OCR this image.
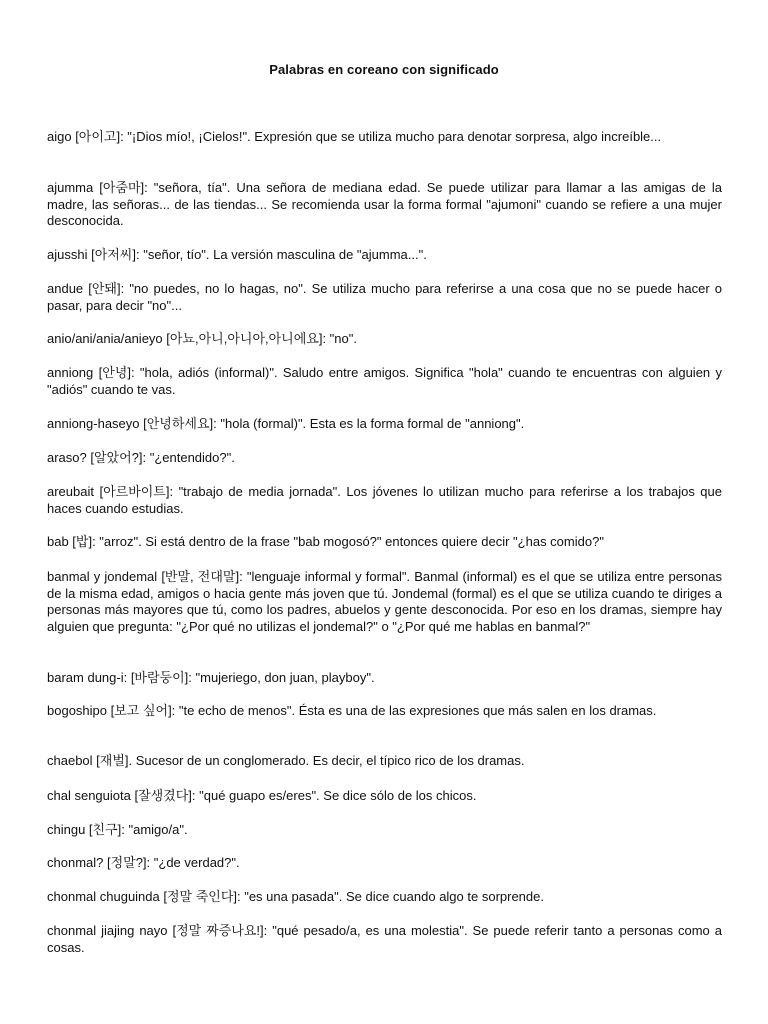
Palabras en coreano con significado

aigo [아이고]: "¡Dios mío!, ¡Cielos!". Expresión que se utiliza mucho para denotar sorpresa, algo increíble...

ajumma [아줌마]: "señora, tía". Una señora de mediana edad. Se puede utilizar para llamar a las amigas de la madre, las señoras... de las tiendas... Se recomienda usar la forma formal "ajumoni" cuando se refiere a una mujer desconocida.

ajusshi [아저씨]: "señor, tío". La versión masculina de "ajumma...".

andue [안돼]: "no puedes, no lo hagas, no". Se utiliza mucho para referirse a una cosa que no se puede hacer o pasar, para decir "no"...

anio/ani/ania/anieyo [아뇨,아니,아니아,아니에요]: "no".

anniong [안녕]: "hola, adiós (informal)". Saludo entre amigos. Significa "hola" cuando te encuentras con alguien y "adiós" cuando te vas.

anniong-haseyo [안녕하세요]: "hola (formal)". Esta es la forma formal de "anniong".

araso? [알았어?]: "¿entendido?".

areubait [아르바이트]: "trabajo de media jornada". Los jóvenes lo utilizan mucho para referirse a los trabajos que haces cuando estudias.

bab [밥]: "arroz". Si está dentro de la frase "bab mogosó?" entonces quiere decir "¿has comido?"

banmal y jondemal [반말, 전대말]: "lenguaje informal y formal". Banmal (informal) es el que se utiliza entre personas de la misma edad, amigos o hacia gente más joven que tú. Jondemal (formal) es el que se utiliza cuando te diriges a personas más mayores que tú, como los padres, abuelos y gente desconocida. Por eso en los dramas, siempre hay alguien que pregunta: "¿Por qué no utilizas el jondemal?" o "¿Por qué me hablas en banmal?"

baram dung-i: [바람둥이]: "mujeriego, don juan, playboy".

bogoshipo [보고 싶어]: "te echo de menos". Ésta es una de las expresiones que más salen en los dramas.

chaebol [재벌]. Sucesor de un conglomerado. Es decir, el típico rico de los dramas.

chal senguiota [잘생겼다]: "qué guapo es/eres". Se dice sólo de los chicos.

chingu [친구]: "amigo/a".

chonmal? [정말?]: "¿de verdad?".

chonmal chuguinda [정말 죽인다]: "es una pasada". Se dice cuando algo te sorprende.

chonmal jiajing nayo [정말 짜증나요!]: "qué pesado/a, es una molestia". Se puede referir tanto a personas como a cosas.
